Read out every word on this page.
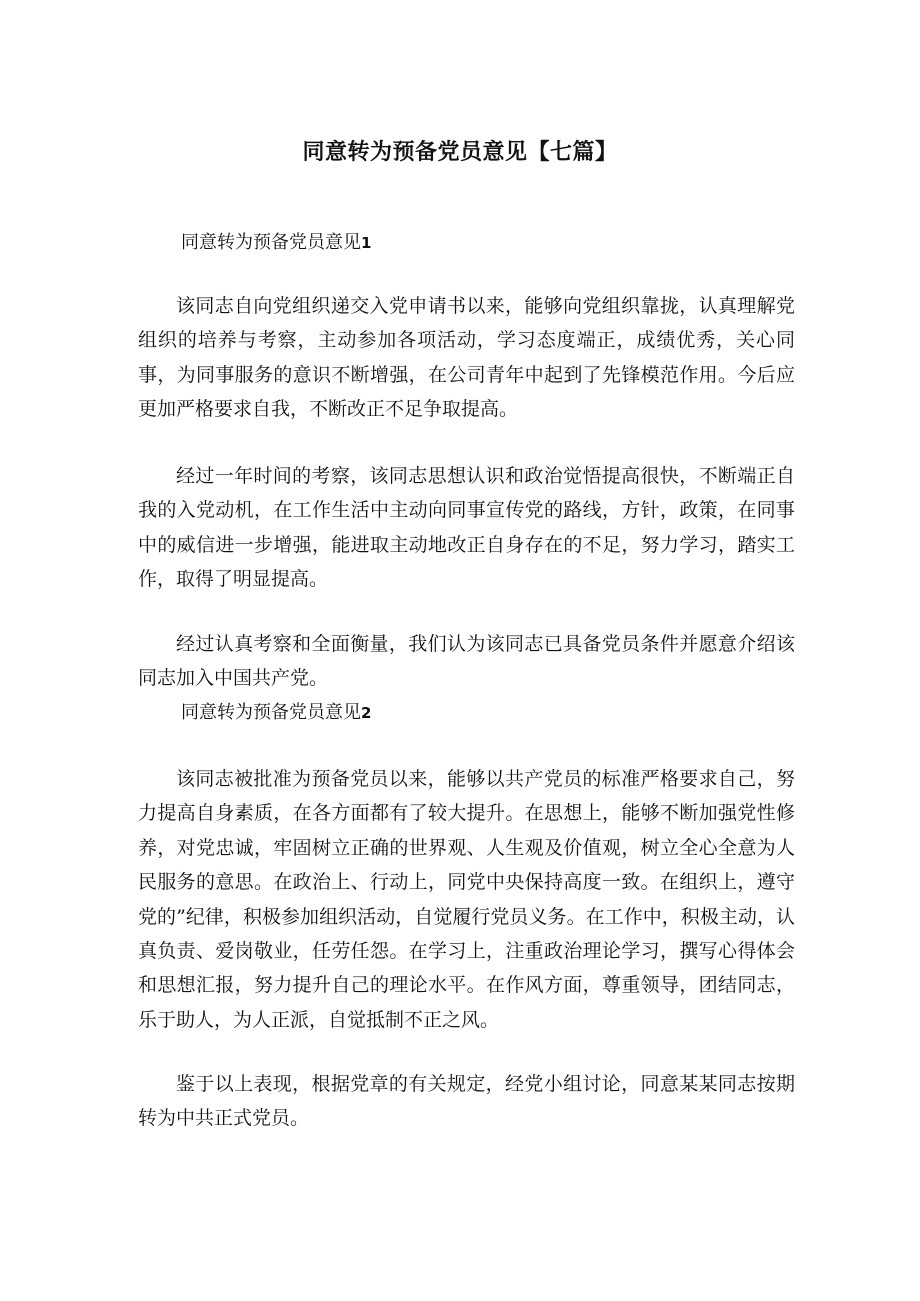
同意转为预备党员意见【七篇】
同意转为预备党员意见1

该同志自向党组织递交入党申请书以来，能够向党组织靠拢，认真理解党组织的培养与考察，主动参加各项活动，学习态度端正，成绩优秀，关心同事，为同事服务的意识不断增强，在公司青年中起到了先锋模范作用。今后应更加严格要求自我，不断改正不足争取提高。

经过一年时间的考察，该同志思想认识和政治觉悟提高很快，不断端正自我的入党动机，在工作生活中主动向同事宣传党的路线，方针，政策，在同事中的威信进一步增强，能进取主动地改正自身存在的不足，努力学习，踏实工作，取得了明显提高。

经过认真考察和全面衡量，我们认为该同志已具备党员条件并愿意介绍该同志加入中国共产党。

同意转为预备党员意见2

该同志被批准为预备党员以来，能够以共产党员的标准严格要求自己，努力提高自身素质，在各方面都有了较大提升。在思想上，能够不断加强党性修养，对党忠诚，牢固树立正确的世界观、人生观及价值观，树立全心全意为人民服务的意思。在政治上、行动上，同党中央保持高度一致。在组织上，遵守党的”纪律，积极参加组织活动，自觉履行党员义务。在工作中，积极主动，认真负责、爱岗敬业，任劳任怨。在学习上，注重政治理论学习，撰写心得体会和思想汇报，努力提升自己的理论水平。在作风方面，尊重领导，团结同志，乐于助人，为人正派，自觉抵制不正之风。

鉴于以上表现，根据党章的有关规定，经党小组讨论，同意某某同志按期转为中共正式党员。
